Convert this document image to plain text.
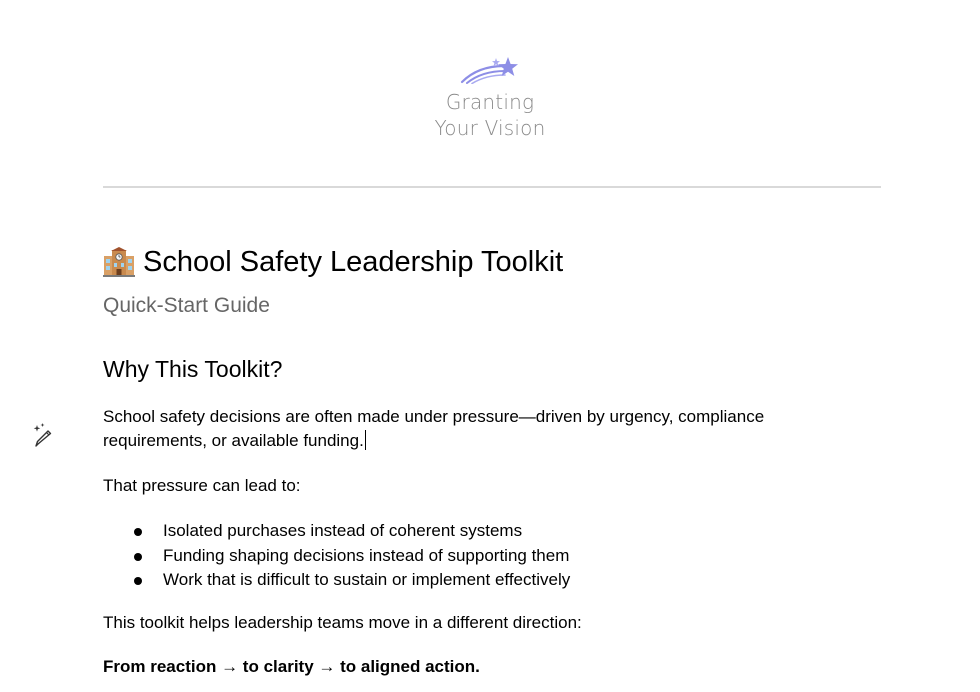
Granting
Your Vision
School Safety Leadership Toolkit
Quick-Start Guide
Why This Toolkit?
School safety decisions are often made under pressure—driven by urgency, compliance requirements, or available funding.
That pressure can lead to:
Isolated purchases instead of coherent systems
Funding shaping decisions instead of supporting them
Work that is difficult to sustain or implement effectively
This toolkit helps leadership teams move in a different direction:
From reaction → to clarity → to aligned action.
